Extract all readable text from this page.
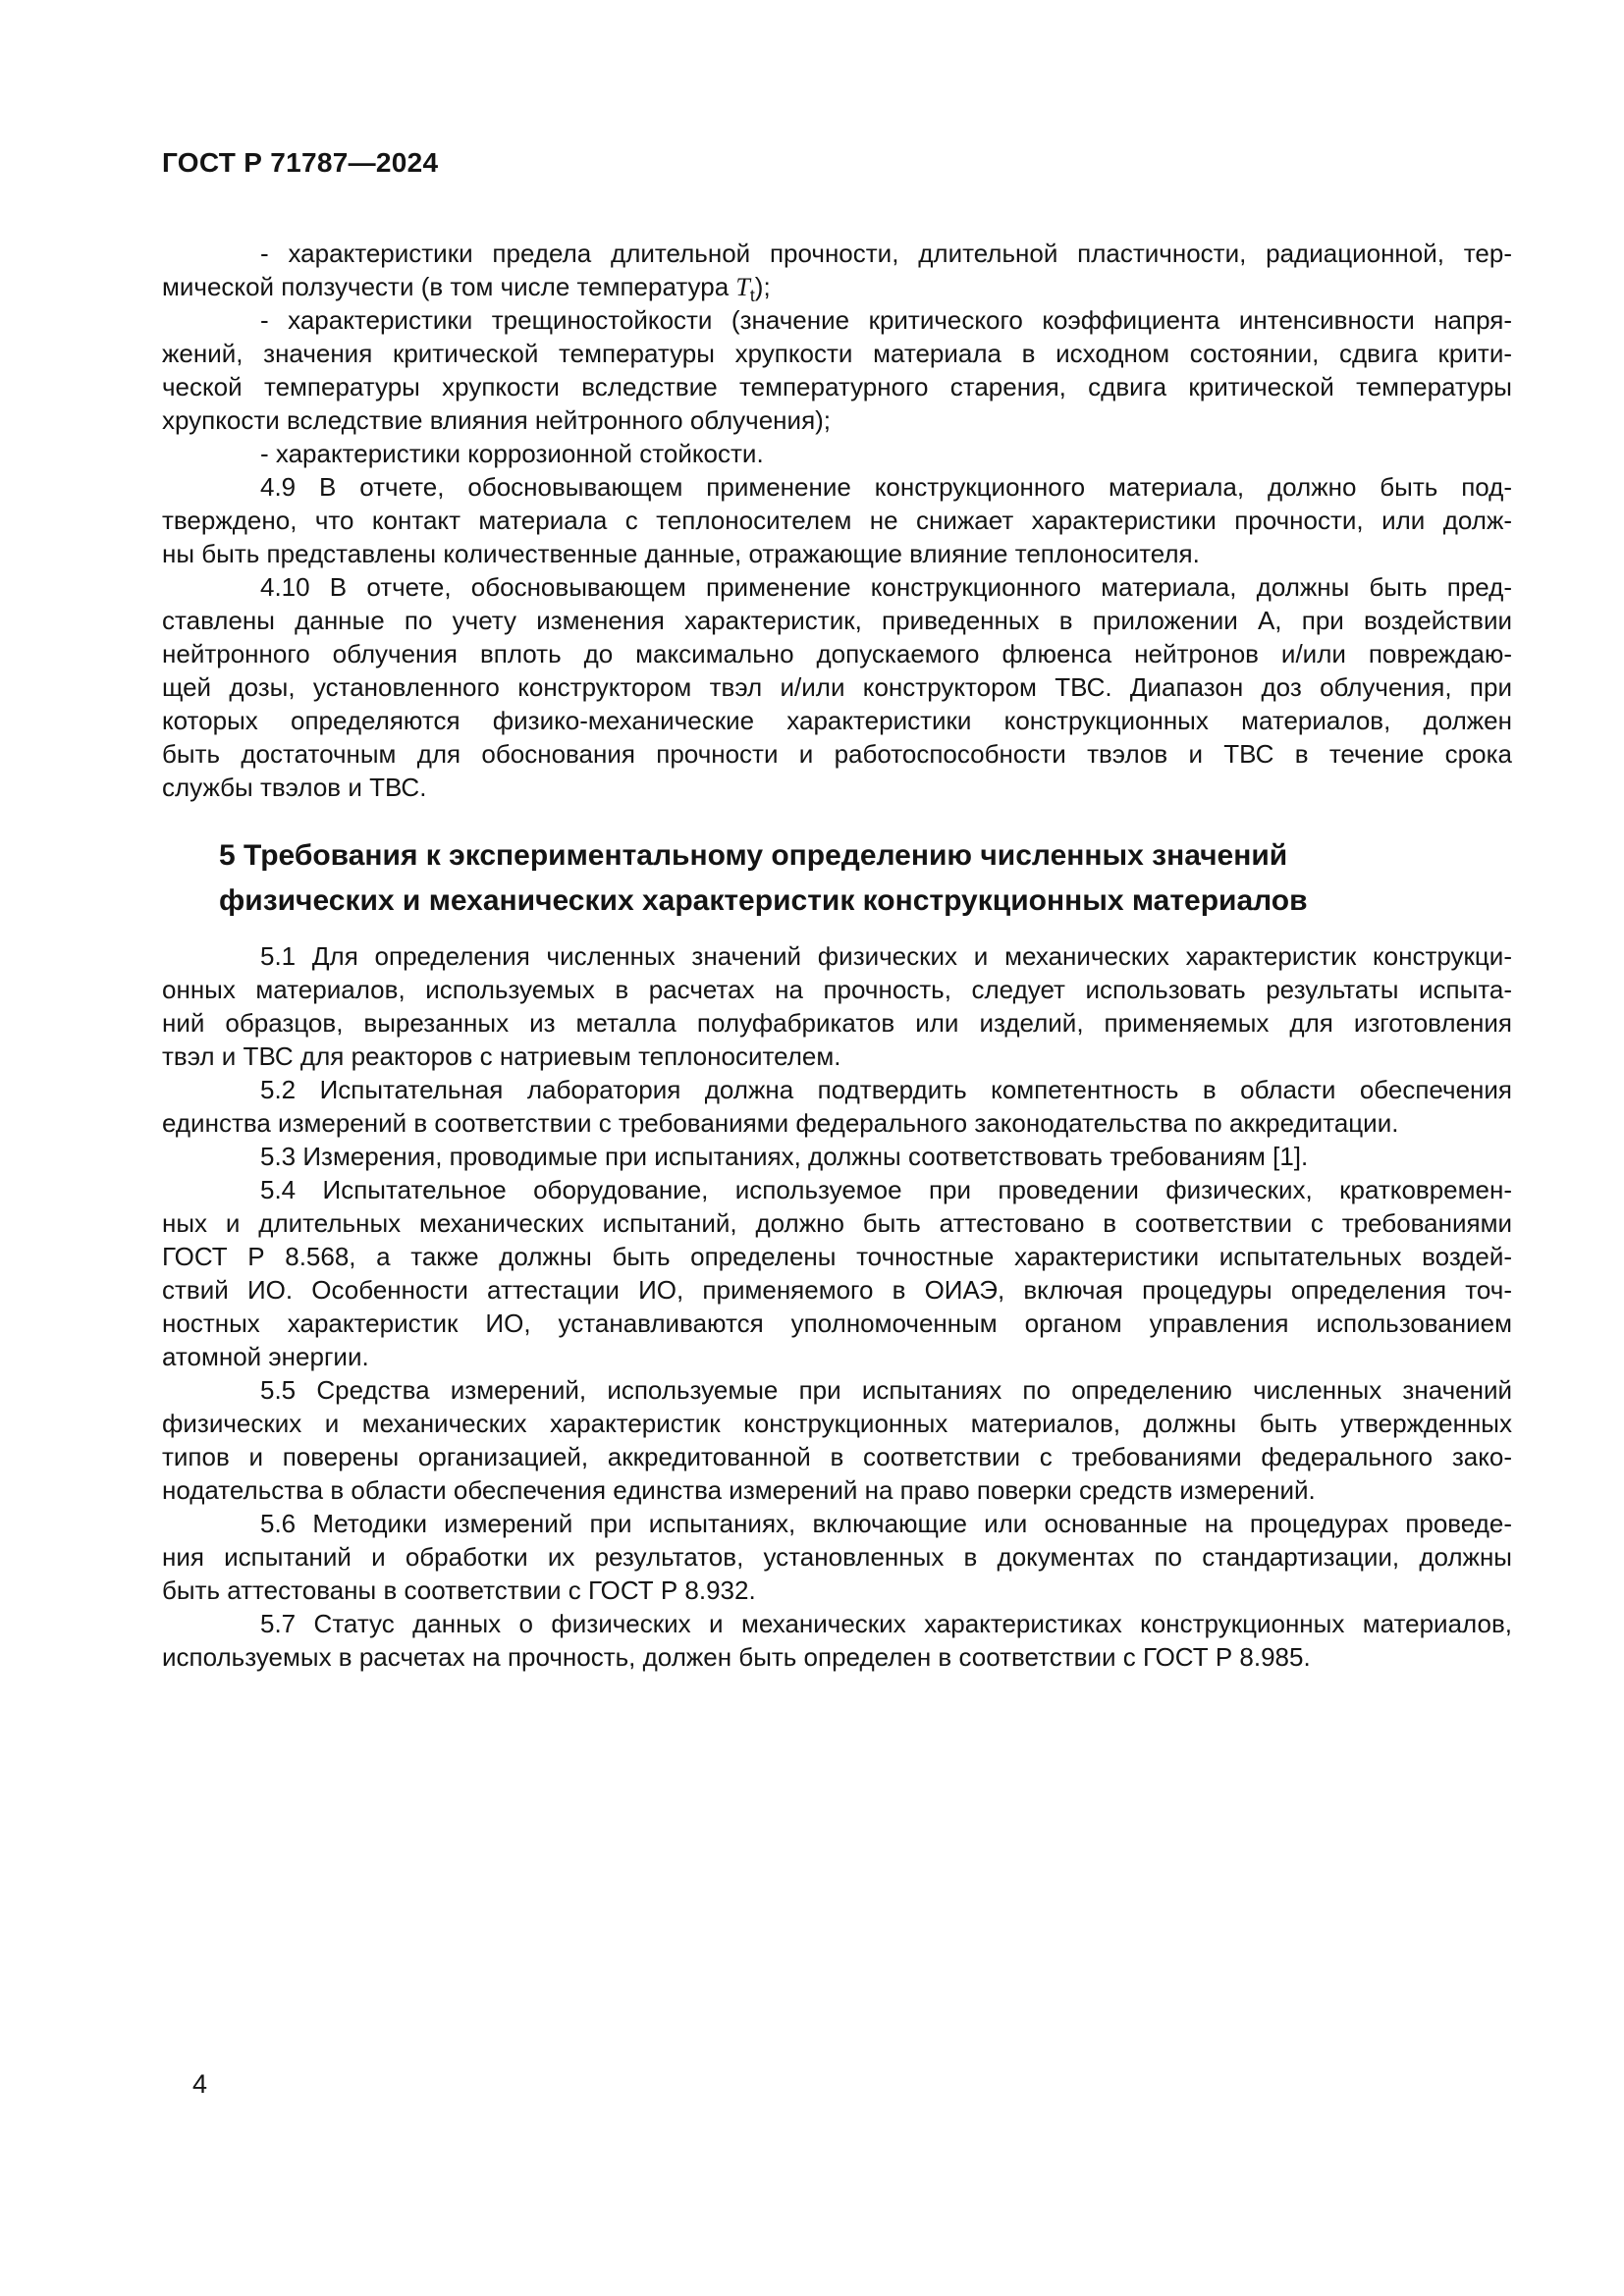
ГОСТ Р 71787—2024
- характеристики предела длительной прочности, длительной пластичности, радиационной, тер-
мической ползучести (в том числе температура $T_t$);
- характеристики трещиностойкости (значение критического коэффициента интенсивности напря-
жений, значения критической температуры хрупкости материала в исходном состоянии, сдвига крити-
ческой температуры хрупкости вследствие температурного старения, сдвига критической температуры
хрупкости вследствие влияния нейтронного облучения);
- характеристики коррозионной стойкости.
4.9 В отчете, обосновывающем применение конструкционного материала, должно быть под-
тверждено, что контакт материала с теплоносителем не снижает характеристики прочности, или долж-
ны быть представлены количественные данные, отражающие влияние теплоносителя.
4.10 В отчете, обосновывающем применение конструкционного материала, должны быть пред-
ставлены данные по учету изменения характеристик, приведенных в приложении А, при воздействии
нейтронного облучения вплоть до максимально допускаемого флюенса нейтронов и/или повреждаю-
щей дозы, установленного конструктором твэл и/или конструктором ТВС. Диапазон доз облучения, при
которых определяются физико-механические характеристики конструкционных материалов, должен
быть достаточным для обоснования прочности и работоспособности твэлов и ТВС в течение срока
службы твэлов и ТВС.
5 Требования к экспериментальному определению численных значений
физических и механических характеристик конструкционных материалов
5.1 Для определения численных значений физических и механических характеристик конструкци-
онных материалов, используемых в расчетах на прочность, следует использовать результаты испыта-
ний образцов, вырезанных из металла полуфабрикатов или изделий, применяемых для изготовления
твэл и ТВС для реакторов с натриевым теплоносителем.
5.2 Испытательная лаборатория должна подтвердить компетентность в области обеспечения
единства измерений в соответствии с требованиями федерального законодательства по аккредитации.
5.3 Измерения, проводимые при испытаниях, должны соответствовать требованиям [1].
5.4 Испытательное оборудование, используемое при проведении физических, кратковремен-
ных и длительных механических испытаний, должно быть аттестовано в соответствии с требованиями
ГОСТ Р 8.568, а также должны быть определены точностные характеристики испытательных воздей-
ствий ИО. Особенности аттестации ИО, применяемого в ОИАЭ, включая процедуры определения точ-
ностных характеристик ИО, устанавливаются уполномоченным органом управления использованием
атомной энергии.
5.5 Средства измерений, используемые при испытаниях по определению численных значений
физических и механических характеристик конструкционных материалов, должны быть утвержденных
типов и поверены организацией, аккредитованной в соответствии с требованиями федерального зако-
нодательства в области обеспечения единства измерений на право поверки средств измерений.
5.6 Методики измерений при испытаниях, включающие или основанные на процедурах проведе-
ния испытаний и обработки их результатов, установленных в документах по стандартизации, должны
быть аттестованы в соответствии с ГОСТ Р 8.932.
5.7 Статус данных о физических и механических характеристиках конструкционных материалов,
используемых в расчетах на прочность, должен быть определен в соответствии с ГОСТ Р 8.985.
4
